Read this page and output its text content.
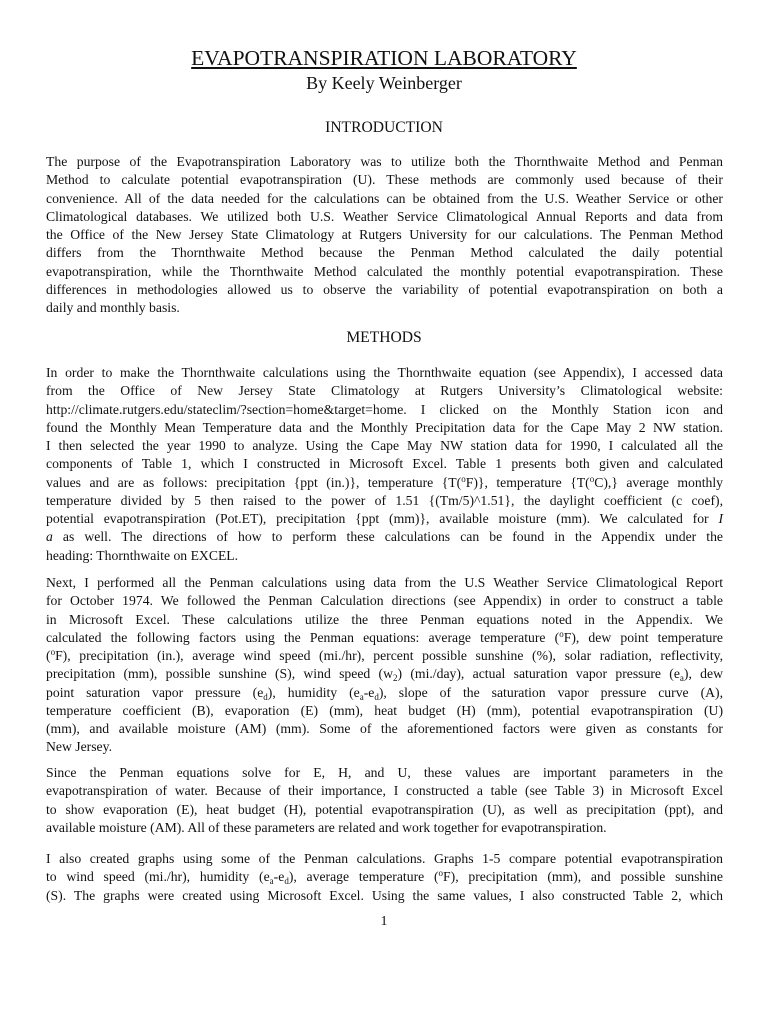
EVAPOTRANSPIRATION LABORATORY
By Keely Weinberger
INTRODUCTION
The purpose of the Evapotranspiration Laboratory was to utilize both the Thornthwaite Method and Penman
Method to calculate potential evapotranspiration (U). These methods are commonly used because of their
convenience. All of the data needed for the calculations can be obtained from the U.S. Weather Service or other
Climatological databases. We utilized both U.S. Weather Service Climatological Annual Reports and data from
the Office of the New Jersey State Climatology at Rutgers University for our calculations. The Penman Method
differs from the Thornthwaite Method because the Penman Method calculated the daily potential
evapotranspiration, while the Thornthwaite Method calculated the monthly potential evapotranspiration. These
differences in methodologies allowed us to observe the variability of potential evapotranspiration on both a
daily and monthly basis.
METHODS
In order to make the Thornthwaite calculations using the Thornthwaite equation (see Appendix), I accessed data
from the Office of New Jersey State Climatology at Rutgers University’s Climatological website:
http://climate.rutgers.edu/stateclim/?section=home&target=home. I clicked on the Monthly Station icon and
found the Monthly Mean Temperature data and the Monthly Precipitation data for the Cape May 2 NW station.
I then selected the year 1990 to analyze. Using the Cape May NW station data for 1990, I calculated all the
components of Table 1, which I constructed in Microsoft Excel. Table 1 presents both given and calculated
values and are as follows: precipitation {ppt (in.)}, temperature {T($^o$F)}, temperature {T($^o$C),} average monthly
temperature divided by 5 then raised to the power of 1.51 {(Tm/5)^1.51}, the daylight coefficient (c coef),
potential evapotranspiration (Pot.ET), precipitation {ppt (mm)}, available moisture (mm). We calculated for I
a as well. The directions of how to perform these calculations can be found in the Appendix under the
heading: Thornthwaite on EXCEL.
Next, I performed all the Penman calculations using data from the U.S Weather Service Climatological Report
for October 1974. We followed the Penman Calculation directions (see Appendix) in order to construct a table
in Microsoft Excel. These calculations utilize the three Penman equations noted in the Appendix. We
calculated the following factors using the Penman equations: average temperature ($^o$F), dew point temperature
($^o$F), precipitation (in.), average wind speed (mi./hr), percent possible sunshine (%), solar radiation, reflectivity,
precipitation (mm), possible sunshine (S), wind speed $(w_2)$ (mi./day), actual saturation vapor pressure $(e_a)$, dew
point saturation vapor pressure $(e_d)$, humidity $(e_a-e_d)$, slope of the saturation vapor pressure curve (A),
temperature coefficient (B), evaporation (E) (mm), heat budget (H) (mm), potential evapotranspiration (U)
(mm), and available moisture (AM) (mm). Some of the aforementioned factors were given as constants for
New Jersey.
Since the Penman equations solve for E, H, and U, these values are important parameters in the
evapotranspiration of water. Because of their importance, I constructed a table (see Table 3) in Microsoft Excel
to show evaporation (E), heat budget (H), potential evapotranspiration (U), as well as precipitation (ppt), and
available moisture (AM). All of these parameters are related and work together for evapotranspiration.
I also created graphs using some of the Penman calculations. Graphs 1-5 compare potential evapotranspiration
to wind speed (mi./hr), humidity $(e_a-e_d)$, average temperature ($^o$F), precipitation (mm), and possible sunshine
(S). The graphs were created using Microsoft Excel. Using the same values, I also constructed Table 2, which
1
